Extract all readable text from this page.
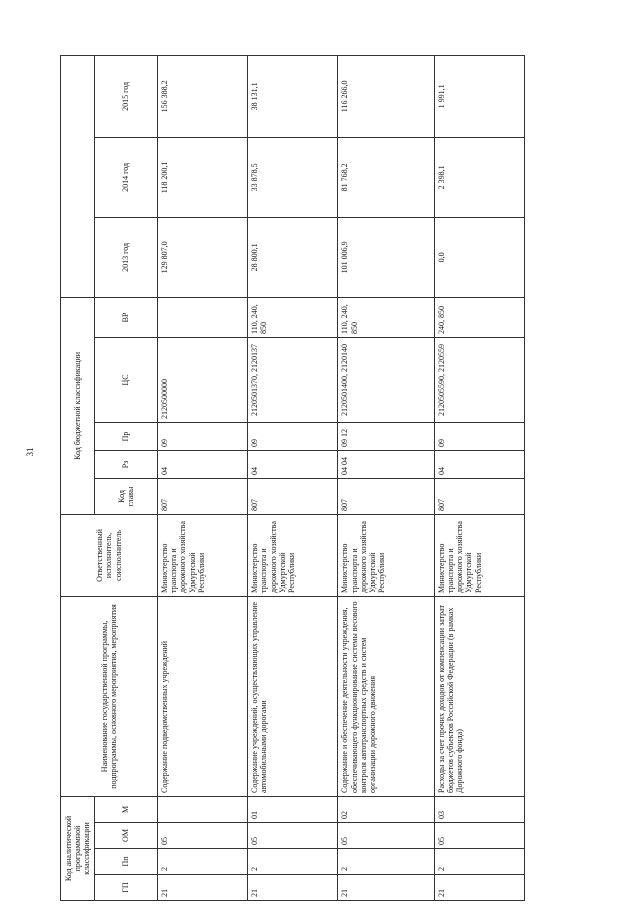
31
Код аналитической программной классификации				Наименование государственной программы, подпрограммы, основного мероприятия, мероприятия	Ответственный исполнитель, соисполнитель	Код бюджетной классификации							
ГП	Пп	ОМ	М			Код главы	Рз	Пр	ЦС	ВР	2013 год	2014 год	2015 год
21	2	05		Содержание подведомственных учреждений	Министерство транспорта и дорожного хозяйства Удмуртской Республики	807	04	09	2120500000		129 807,0	118 200,1	156 388,2
21	2	05	01	Содержание учреждений, осуществляющих управление автомобильными дорогами	Министерство транспорта и дорожного хозяйства Удмуртской Республики	807	04	09	2120501370, 2120137	110, 240, 850	28 800,1	33 878,5	38 131,1
21	2	05	02	Содержание и обеспечение деятельности учреждения, обеспечивающего функционирование системы весового контроля автотранспортных средств и систем организации дорожного движения	Министерство транспорта и дорожного хозяйства Удмуртской Республики	807	04 04	09 12	2120501400, 2120140	110, 240, 850	101 006,9	81 768,2	116 266,0
21	2	05	03	Расходы за счет прочих доходов от компенсации затрат бюджетов субъектов Российской Федерации (в рамках Дорожного фонда)	Министерство транспорта и дорожного хозяйства Удмуртской Республики	807	04	09	2120505590, 2120559	240, 850	0,0	2 398,1	1 991,1
